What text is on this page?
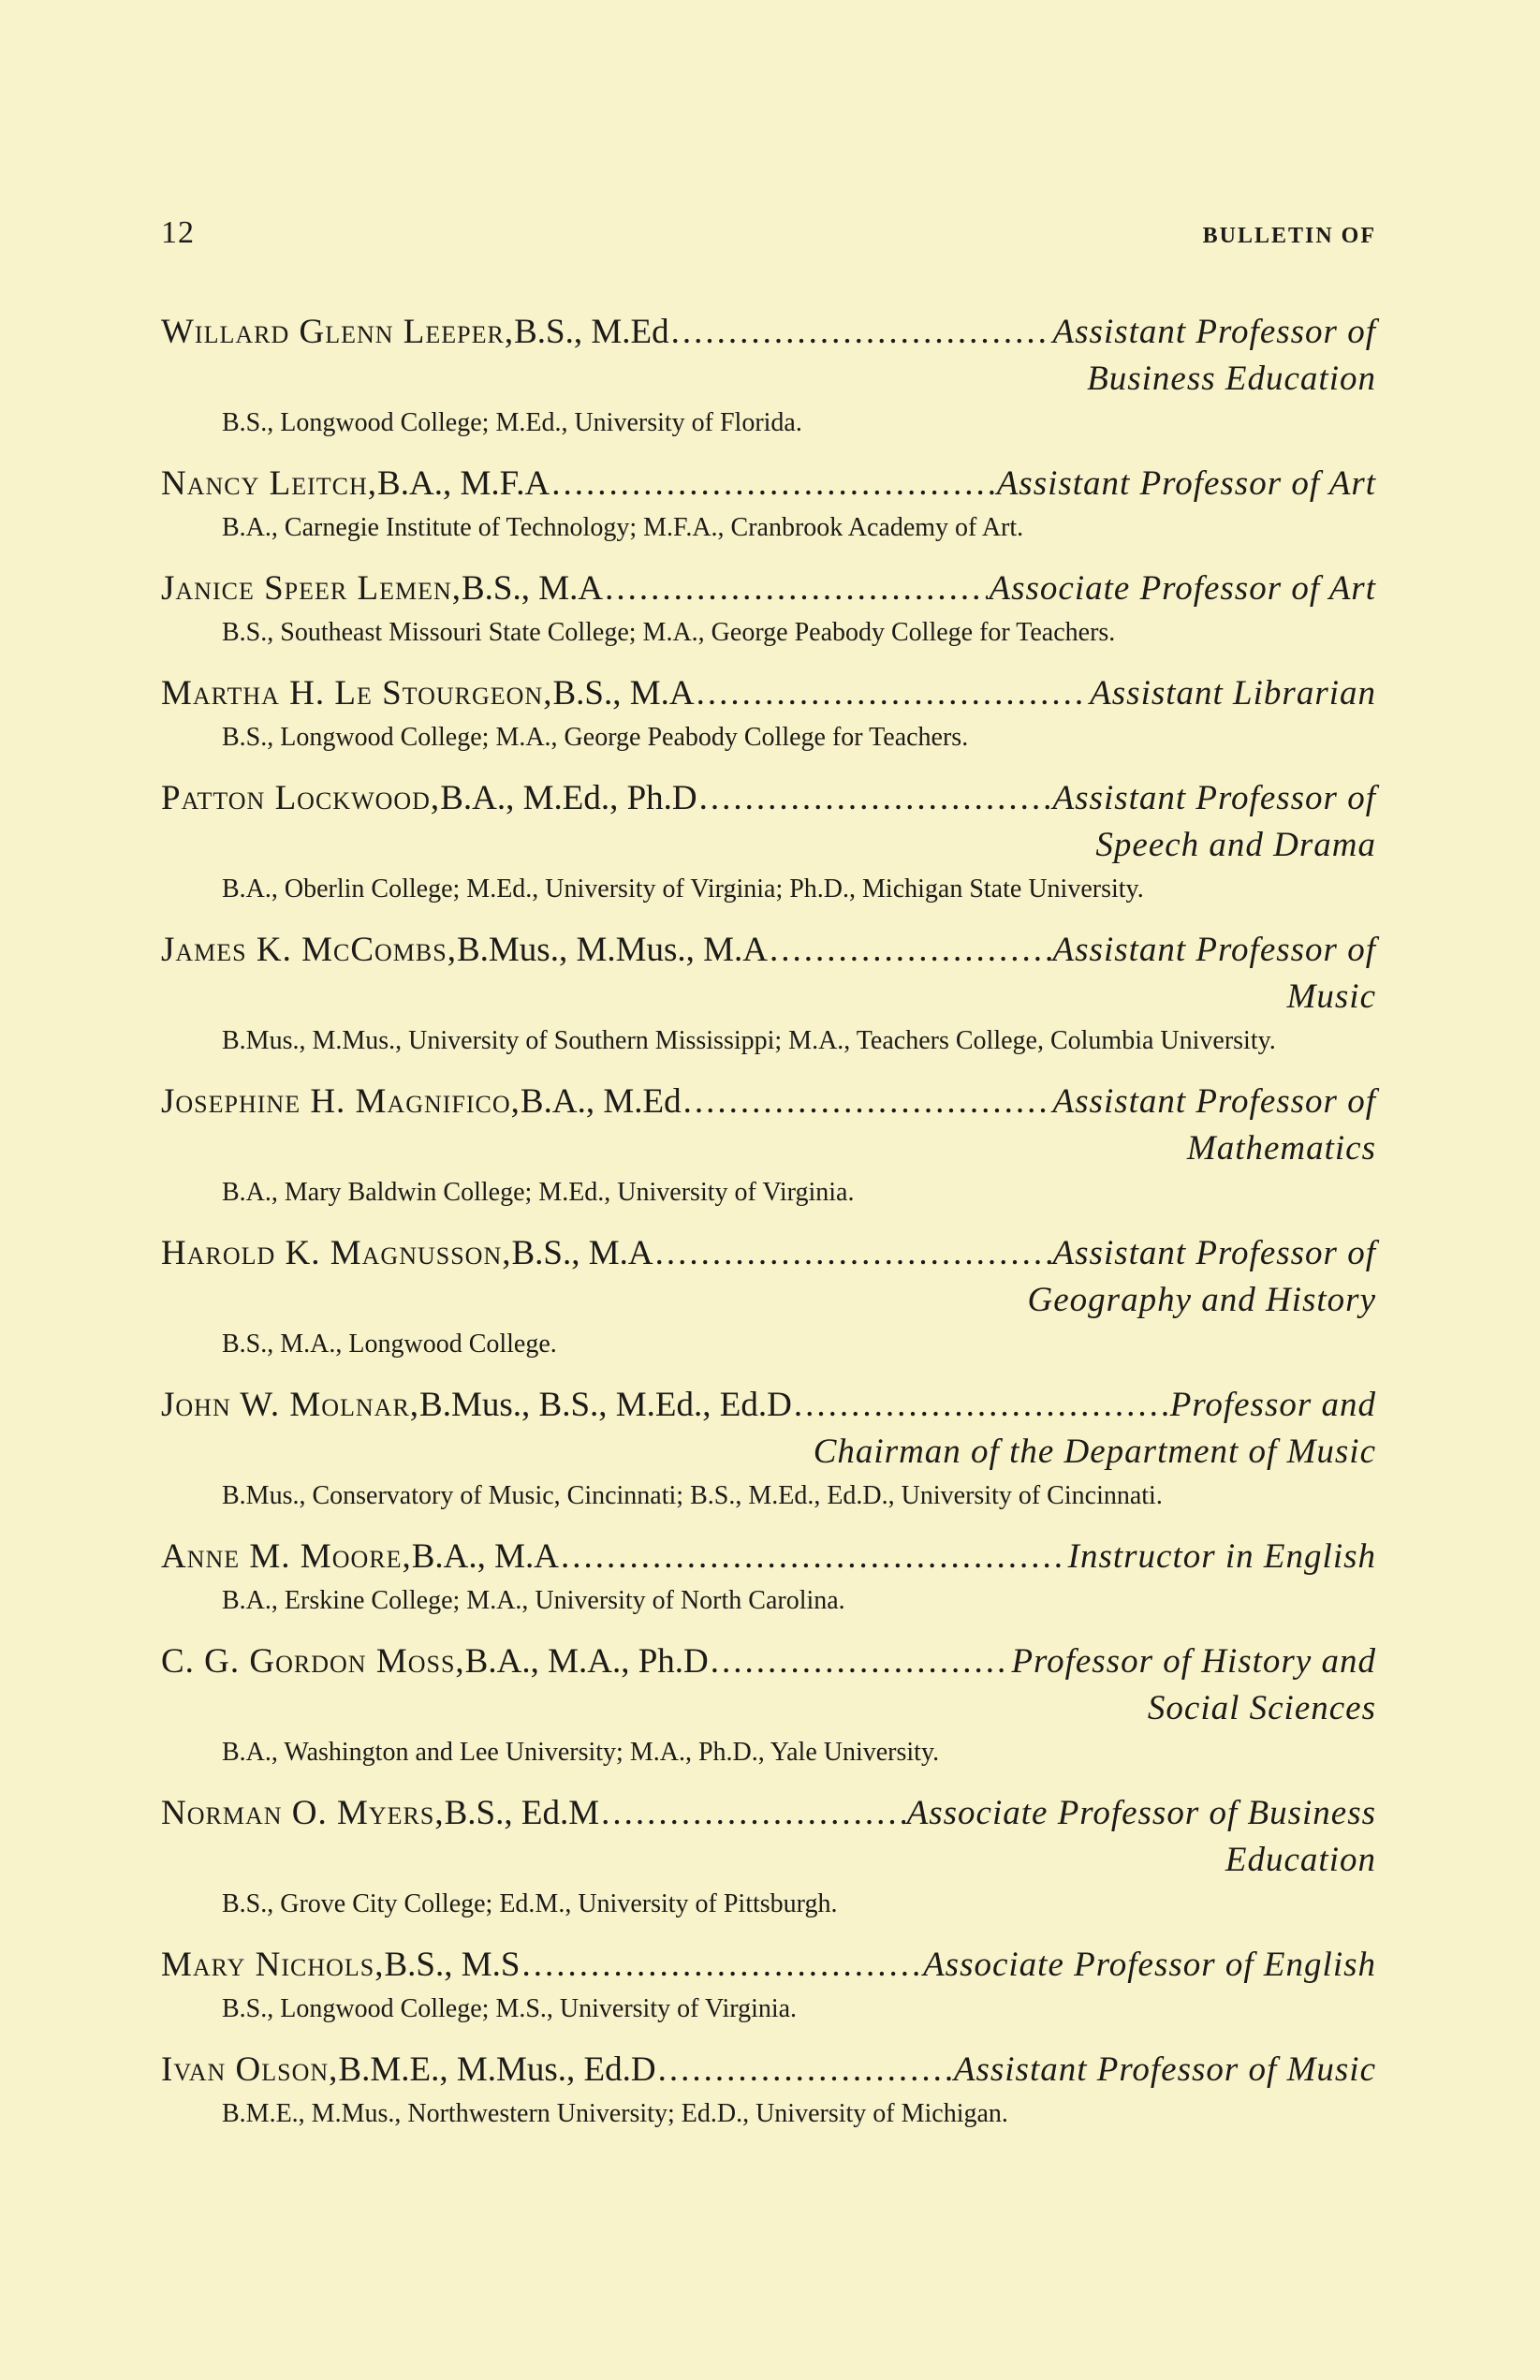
12	BULLETIN OF
Willard Glenn Leeper, B.S., M.Ed .....	Assistant Professor of
Business Education
B.S., Longwood College; M.Ed., University of Florida.
Nancy Leitch, B.A., M.F.A .....	Assistant Professor of Art
B.A., Carnegie Institute of Technology; M.F.A., Cranbrook Academy of Art.
Janice Speer Lemen, B.S., M.A .....	Associate Professor of Art
B.S., Southeast Missouri State College; M.A., George Peabody College for Teachers.
Martha H. Le Stourgeon, B.S., M.A .....	Assistant Librarian
B.S., Longwood College; M.A., George Peabody College for Teachers.
Patton Lockwood, B.A., M.Ed., Ph.D .....	Assistant Professor of
Speech and Drama
B.A., Oberlin College; M.Ed., University of Virginia; Ph.D., Michigan State University.
James K. McCombs, B.Mus., M.Mus., M.A .....	Assistant Professor of
Music
B.Mus., M.Mus., University of Southern Mississippi; M.A., Teachers College, Columbia University.
Josephine H. Magnifico, B.A., M.Ed .....	Assistant Professor of
Mathematics
B.A., Mary Baldwin College; M.Ed., University of Virginia.
Harold K. Magnusson, B.S., M.A .....	Assistant Professor of
Geography and History
B.S., M.A., Longwood College.
John W. Molnar, B.Mus., B.S., M.Ed., Ed.D .....	Professor and
Chairman of the Department of Music
B.Mus., Conservatory of Music, Cincinnati; B.S., M.Ed., Ed.D., University of Cincinnati.
Anne M. Moore, B.A., M.A .....	Instructor in English
B.A., Erskine College; M.A., University of North Carolina.
C. G. Gordon Moss, B.A., M.A., Ph.D .....	Professor of History and
Social Sciences
B.A., Washington and Lee University; M.A., Ph.D., Yale University.
Norman O. Myers, B.S., Ed.M .....	Associate Professor of Business
Education
B.S., Grove City College; Ed.M., University of Pittsburgh.
Mary Nichols, B.S., M.S .....	Associate Professor of English
B.S., Longwood College; M.S., University of Virginia.
Ivan Olson, B.M.E., M.Mus., Ed.D .....	Assistant Professor of Music
B.M.E., M.Mus., Northwestern University; Ed.D., University of Michigan.
